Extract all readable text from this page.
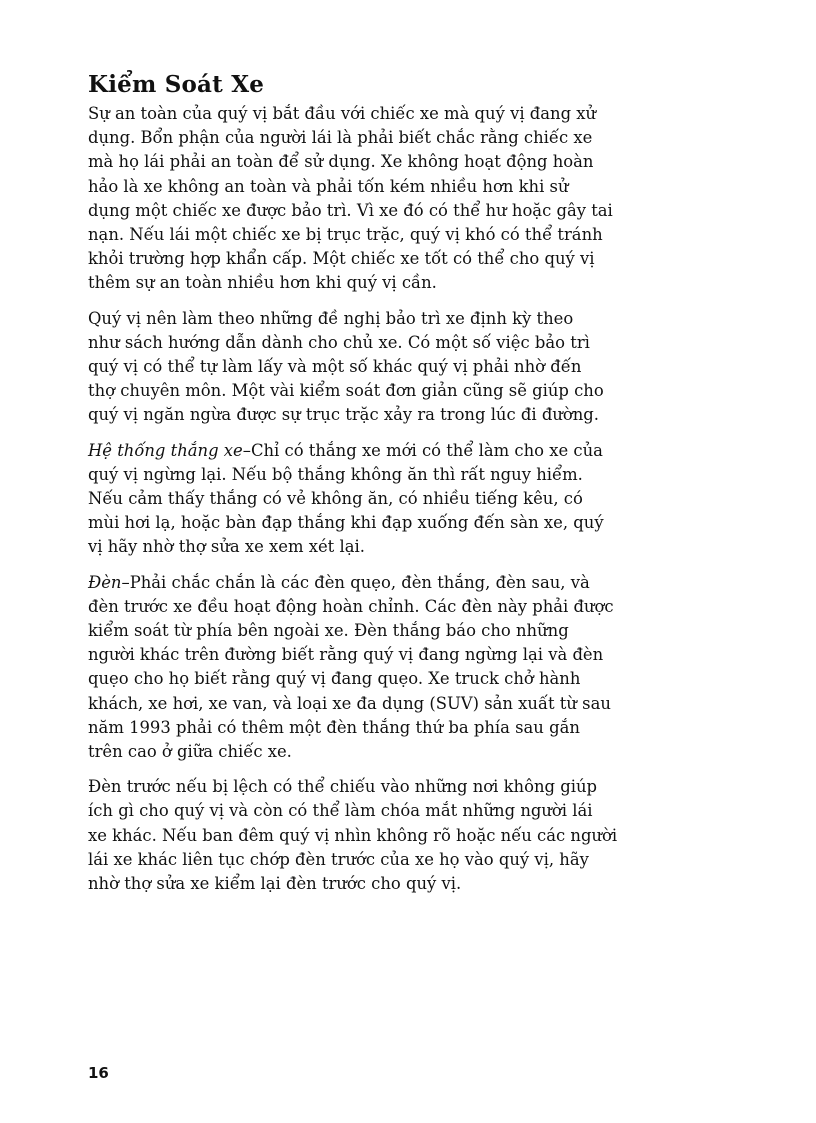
Kiểm Soát Xe

Sự an toàn của quý vị bắt đầu với chiếc xe mà quý vị đang xử
dụng. Bổn phận của người lái là phải biết chắc rằng chiếc xe
mà họ lái phải an toàn để sử dụng. Xe không hoạt động hoàn
hảo là xe không an toàn và phải tốn kém nhiều hơn khi sử
dụng một chiếc xe được bảo trì. Vì xe đó có thể hư hoặc gây tai
nạn. Nếu lái một chiếc xe bị trục trặc, quý vị khó có thể tránh
khỏi trường hợp khẩn cấp. Một chiếc xe tốt có thể cho quý vị
thêm sự an toàn nhiều hơn khi quý vị cần.

Quý vị nên làm theo những đề nghị bảo trì xe định kỳ theo
như sách hướng dẫn dành cho chủ xe. Có một số việc bảo trì
quý vị có thể tự làm lấy và một số khác quý vị phải nhờ đến
thợ chuyên môn. Một vài kiểm soát đơn giản cũng sẽ giúp cho
quý vị ngăn ngừa được sự trục trặc xảy ra trong lúc đi đường.

Hệ thống thắng xe–Chỉ có thắng xe mới có thể làm cho xe của
quý vị ngừng lại. Nếu bộ thắng không ăn thì rất nguy hiểm.
Nếu cảm thấy thắng có vẻ không ăn, có nhiều tiếng kêu, có
mùi hơi lạ, hoặc bàn đạp thắng khi đạp xuống đến sàn xe, quý
vị hãy nhờ thợ sửa xe xem xét lại.

Đèn–Phải chắc chắn là các đèn quẹo, đèn thắng, đèn sau, và
đèn trước xe đều hoạt động hoàn chỉnh. Các đèn này phải được
kiểm soát từ phía bên ngoài xe. Đèn thắng báo cho những
người khác trên đường biết rằng quý vị đang ngừng lại và đèn
quẹo cho họ biết rằng quý vị đang quẹo. Xe truck chở hành
khách, xe hơi, xe van, và loại xe đa dụng (SUV) sản xuất từ sau
năm 1993 phải có thêm một đèn thắng thứ ba phía sau gắn
trên cao ở giữa chiếc xe.

Đèn trước nếu bị lệch có thể chiếu vào những nơi không giúp
ích gì cho quý vị và còn có thể làm chóa mắt những người lái
xe khác. Nếu ban đêm quý vị nhìn không rõ hoặc nếu các người
lái xe khác liên tục chớp đèn trước của xe họ vào quý vị, hãy
nhờ thợ sửa xe kiểm lại đèn trước cho quý vị.

16
